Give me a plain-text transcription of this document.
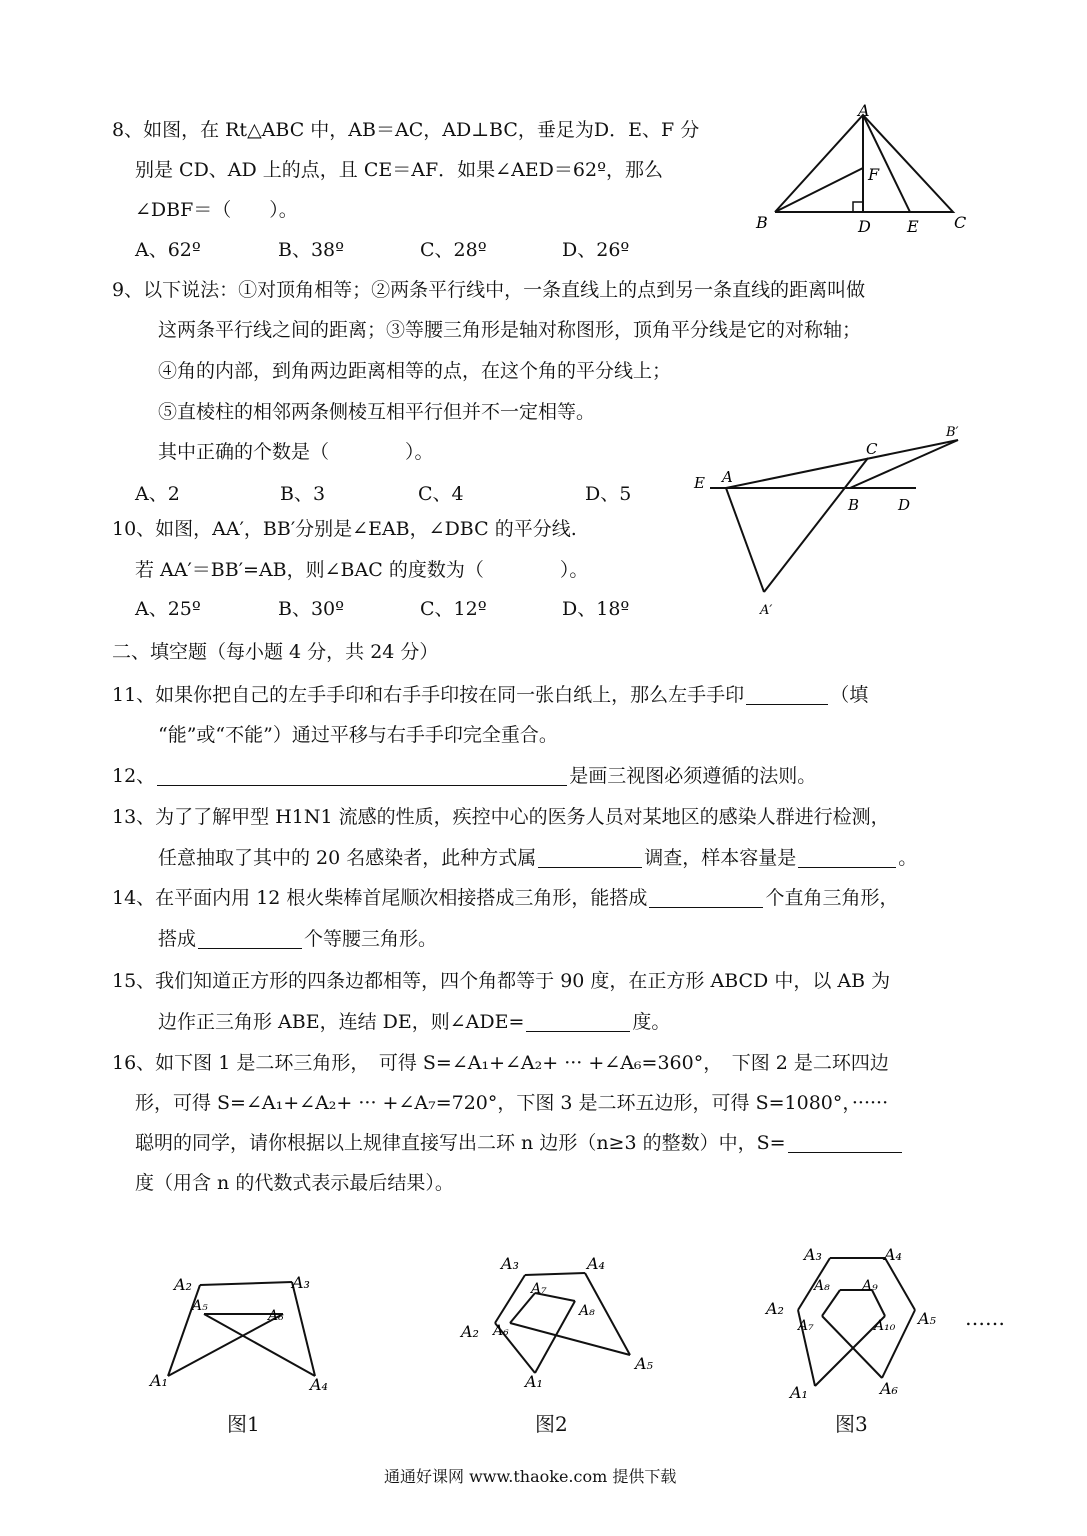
8、如图，在 Rt△ABC 中，AB＝AC，AD⊥BC，垂足为D．E、F 分
别是 CD、AD 上的点，且 CE＝AF．如果∠AED＝62º，那么
∠DBF＝（　　）。
A、62º	B、38º	C、28º	D、26º
A
B	C
D E
F
9、以下说法：①对顶角相等；②两条平行线中，一条直线上的点到另一条直线的距离叫做
这两条平行线之间的距离；③等腰三角形是轴对称图形，顶角平分线是它的对称轴；
④角的内部，到角两边距离相等的点，在这个角的平分线上；
⑤直棱柱的相邻两条侧棱互相平行但并不一定相等。
其中正确的个数是（　　　　）。
A、2	B、3	C、4	D、5
10、如图，AA′，BB′分别是∠EAB，∠DBC 的平分线.
若 AA′＝BB′=AB，则∠BAC 的度数为（　　　　）。
A、25º	B、30º	C、12º	D、18º
E A
B	D
C
B′
A′
二、填空题（每小题 4 分，共 24 分）
11、如果你把自己的左手手印和右手手印按在同一张白纸上，那么左手手印	（填
“能”或“不能”）通过平移与右手手印完全重合。
12、	是画三视图必须遵循的法则。
13、为了了解甲型 H1N1 流感的性质，疾控中心的医务人员对某地区的感染人群进行检测，
任意抽取了其中的 20 名感染者，此种方式属	调查，样本容量是	。
14、在平面内用 12 根火柴棒首尾顺次相接搭成三角形，能搭成	个直角三角形，
搭成	个等腰三角形。
15、我们知道正方形的四条边都相等，四个角都等于 90 度，在正方形 ABCD 中，以 AB 为
边作正三角形 ABE，连结 DE，则∠ADE=	度。
16、如下图 1 是二环三角形，　可得 S=∠A₁+∠A₂+ ··· +∠A₆=360°，　下图 2 是二环四边
形，可得 S=∠A₁+∠A₂+ ··· +∠A₇=720°，下图 3 是二环五边形，可得 S=1080°，······
聪明的同学，请你根据以上规律直接写出二环 n 边形（n≥3 的整数）中，S=
度（用含 n 的代数式表示最后结果）。
A₁
A₂	A₃
A₄
A₅
A₆
图1
A₁
A₂
A₃	A₄
A₅
A₆
A₇
A₈
图2
A₁
A₂
A₃	A₄
A₅
A₆
A₇
A₈ A₉
A₁₀
图3
……
通通好课网 www.thaoke.com 提供下载
